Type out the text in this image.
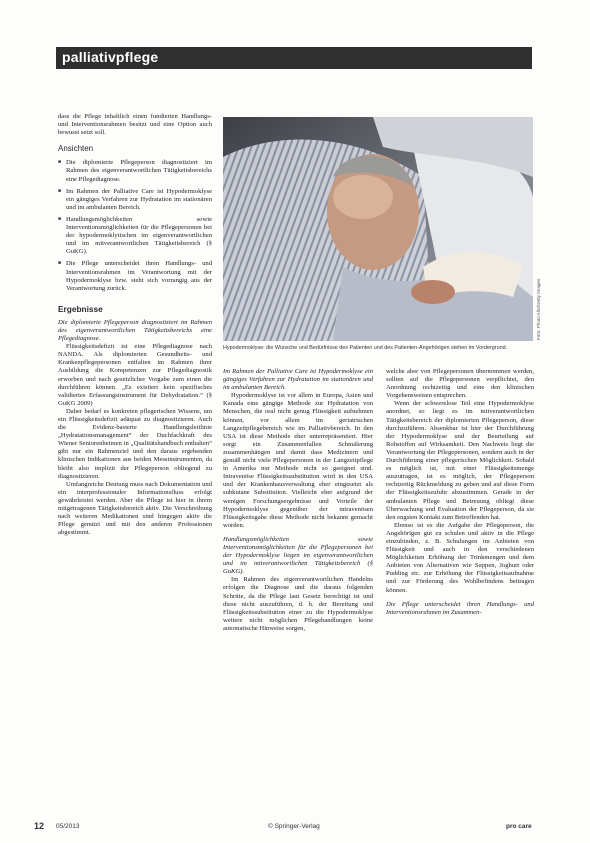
palliativpflege

dass die Pflege inhaltlich einen fundierten Handlungs- und Interventionsrahmen besitzt und eine Option auch bewusst setzt soll.

Ansichten
■ Die diplomierte Pflegeperson diagnostiziert im Rahmen des eigenverantwortlichen Tätigkeitsbereichs eine Pflegediagnose.
■ Im Rahmen der Palliative Care ist Hypodermoklyse ein gängiges Verfahren zur Hydratation im stationären und im ambulanten Bereich.
■ Handlungsmöglichkeiten sowie Interventionsmöglichkeiten für die Pflegepersonen bei der hypodermoklytischen im eigenverantwortlichen und im mitverantwortlichen Tätigkeitsbereich (§ GuKG).
■ Die Pflege unterscheidet ihren Handlungs- und Interventionsrahmen im Verantwortung mit der Hypodermoklyse bzw. steht sich vorrangig aus der Verantwortung zurück.
Ergebnisse

Die diplomierte Pflegeperson diagnostiziert im Rahmen des eigenverantwortlichen Tätigkeitsbereichs eine Pflegediagnose.

Flüssigkeitsdefizit ist eine Pflegediagnose nach NANDA. Als diplomierten Gesundheits- und Krankenpflegepersonen entfalten im Rahmen ihrer Ausbildung die Kompetenzen zur Pflegediagnostik erworben und nach gesetzlicher Vorgabe zum einen die durchführen können. „Es existiert kein spezifisches validiertes Erfassungsinstrument für Dehydratation.“ (§ GuKG 2009)

Daher bedarf es konkreten pflegerischen Wissens, um ein Flüssigkeitsdefizit adäquat zu diagnostizieren. Auch die Evidenz-basierte Handlungsleitlinie „Hydratationsmanagement“ der Duchfachkraft des Wiener Seniorenheimen in „Qualitätshandbuch enthalten“ gibt nur ein Rahmenziel und den daraus ergebenden klinischen Indikationen aus beiden Messinstrumenten, da bleibt also implizit der Pflegeperson obliegend zu diagnostizieren.

Umfangreiche Deutung muss nach Dokumentation und ein interprofessionaler Informationsfluss erfolgt gewährleistet werden. Aber die Pflege ist hier in ihrem mitgetragenen Tätigkeitsbereich aktiv. Die Verschreibung nach weiteren Medikationen sind hingegen aktiv die Pflege genutzt und mit den anderen Professionen abgestimmt.

Hypodermoklyse: die Wünsche und Bedürfnisse des Patienten und des Patienten-Angehörigen stehen im Vordergrund.
Foto: Photo Alto/Getty Images

Im Rahmen der Palliative Care ist Hypodermoklyse ein gängiges Verfahren zur Hydratation im stationären und im ambulanten Bereich.

Hypodermoklyse ist vor allem in Europa, Asien und Kanada eine gängige Methode zur Hydratation von Menschen, die oral nicht genug Flüssigkeit aufnehmen können, vor allem im geriatrischen Langzeitpflegebereich wie im Palliativbereich. In den USA ist diese Methode eher unterrepräsentiert. Hier sorgt ein Zusammenfallen Schmälerung zusammenhängen und damit dass Medizinern und gemäß nicht viele Pflegepersonen in der Langzeitpflege in Amerika nur Methode nicht so geeignet sind. Intravenöse Flüssigkeitssubstitution wird in den USA und der Krankenhausverwaltung eher eingesetzt als subkutane Substitution. Vielleicht eher aufgrund der wenigen Forschungsergebnisse und Vorteile der Hypodermoklyse gegenüber der intravenösen Flüssigkeitsgabe diese Methode nicht bekannt gemacht worden.

Handlungsmöglichkeiten sowie Interventionsmöglichkeiten für die Pflegepersonen bei der Hypodermoklyse liegen im eigenverantwortlichen und im mitverantwortlichen Tätigkeitsbereich (§ GuKG).

Im Rahmen des eigenverantwortlichen Handelns erfolgen die Diagnose und die daraus folgenden Schritte, da die Pflege laut Gesetz berechtigt ist und diese nicht auszuführen, d. h. der Bereitung und Flüssigkeitssubstitution einer zu die Hypodermoklyse weitere nicht möglichen Pflegehandlungen keine automatische Hinweise sorgen,

welche aber von Pflegepersonen übernommen werden, sollten auf die Pflegepersonen verpflichtet, den Anordnung rechtzeitig und eine den klinischen Vorgehensweisen entsprechen.

Wenn der schwerelose Teil eine Hypodermoklyse anordnet, so liegt es im mitverantwortlichen Tätigkeitsbereich der diplomierten Pflegeperson, diese durchzuführen. Absenkbar ist hier der Durchführung der Hypodermoklyse und der Beurteilung auf Rohstoffen auf Wirksamkeit. Den Nachweis liegt die Verantwortung der Pflegepersonen, sondern auch in der Durchführung einer pflegerischen Möglichkeit. Sobald es möglich ist, mit einer Flüssigkeitsmenge auszutragen, ist es möglich, der Pflegeperson rechtzeitig Rückmeldung zu geben und auf diese Form der Flüssigkeitszufuhr abzustimmen. Gerade in der ambulanten Pflege und Betreuung obliegt diese Überwachung und Evaluation der Pflegeperson, da sie den engsten Kontakt zum Betreffenden hat.

Ebenso ist es die Aufgabe der Pflegeperson, die Angehörigen gut zu schulen und aktiv in die Pflege einzubinden, z. B. Schulungen im Anbieten von Flüssigkeit und auch in den verschiedenen Möglichkeiten Erhöhung der Trinkmengen und dem Anbieten von Alternativen wie Suppen, Joghurt oder Pudding etc. zur Erhöhung der Flüssigkeitsaufnahme und zur Förderung des Wohlbefindens beitragen können.

Die Pflege unterscheidet ihren Handlungs- und Interventionsrahmen im Zusammen-

12 05/2013	© Springer-Verlag	pro care
